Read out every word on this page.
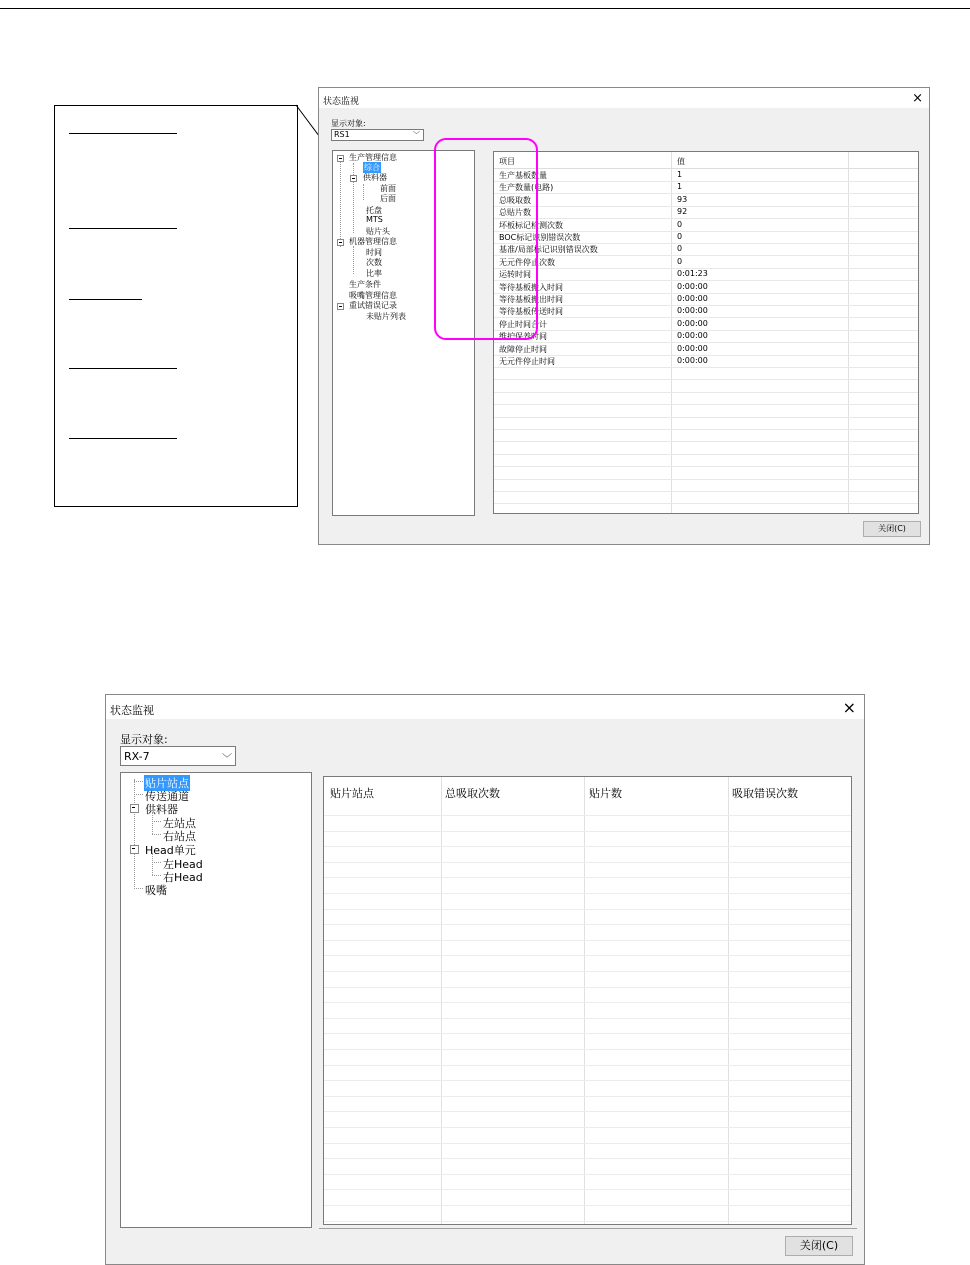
状态监视	×
显示对象:
RS1	﹀
生产管理信息
综合
供料器
前面
后面
托盘
MTS
贴片头
机器管理信息
时间
次数
比率
生产条件
吸嘴管理信息
重试错误记录
未贴片列表
项目	值
生产基板数量	1
生产数量(电路)	1
总吸取数	93
总贴片数	92
坏板标记检测次数	0
BOC标记识别错误次数	0
基准/局部标记识别错误次数	0
无元件停止次数	0
运转时间	0:01:23
等待基板搬入时间	0:00:00
等待基板搬出时间	0:00:00
等待基板传送时间	0:00:00
停止时间合计	0:00:00
维护保养时间	0:00:00
故障停止时间	0:00:00
无元件停止时间	0:00:00
关闭(C)
状态监视	×
显示对象:
RX-7	﹀
贴片站点
传送通道
供料器
左站点
右站点
Head单元
左Head
右Head
吸嘴
贴片站点	总吸取次数	贴片数	吸取错误次数
关闭(C)
